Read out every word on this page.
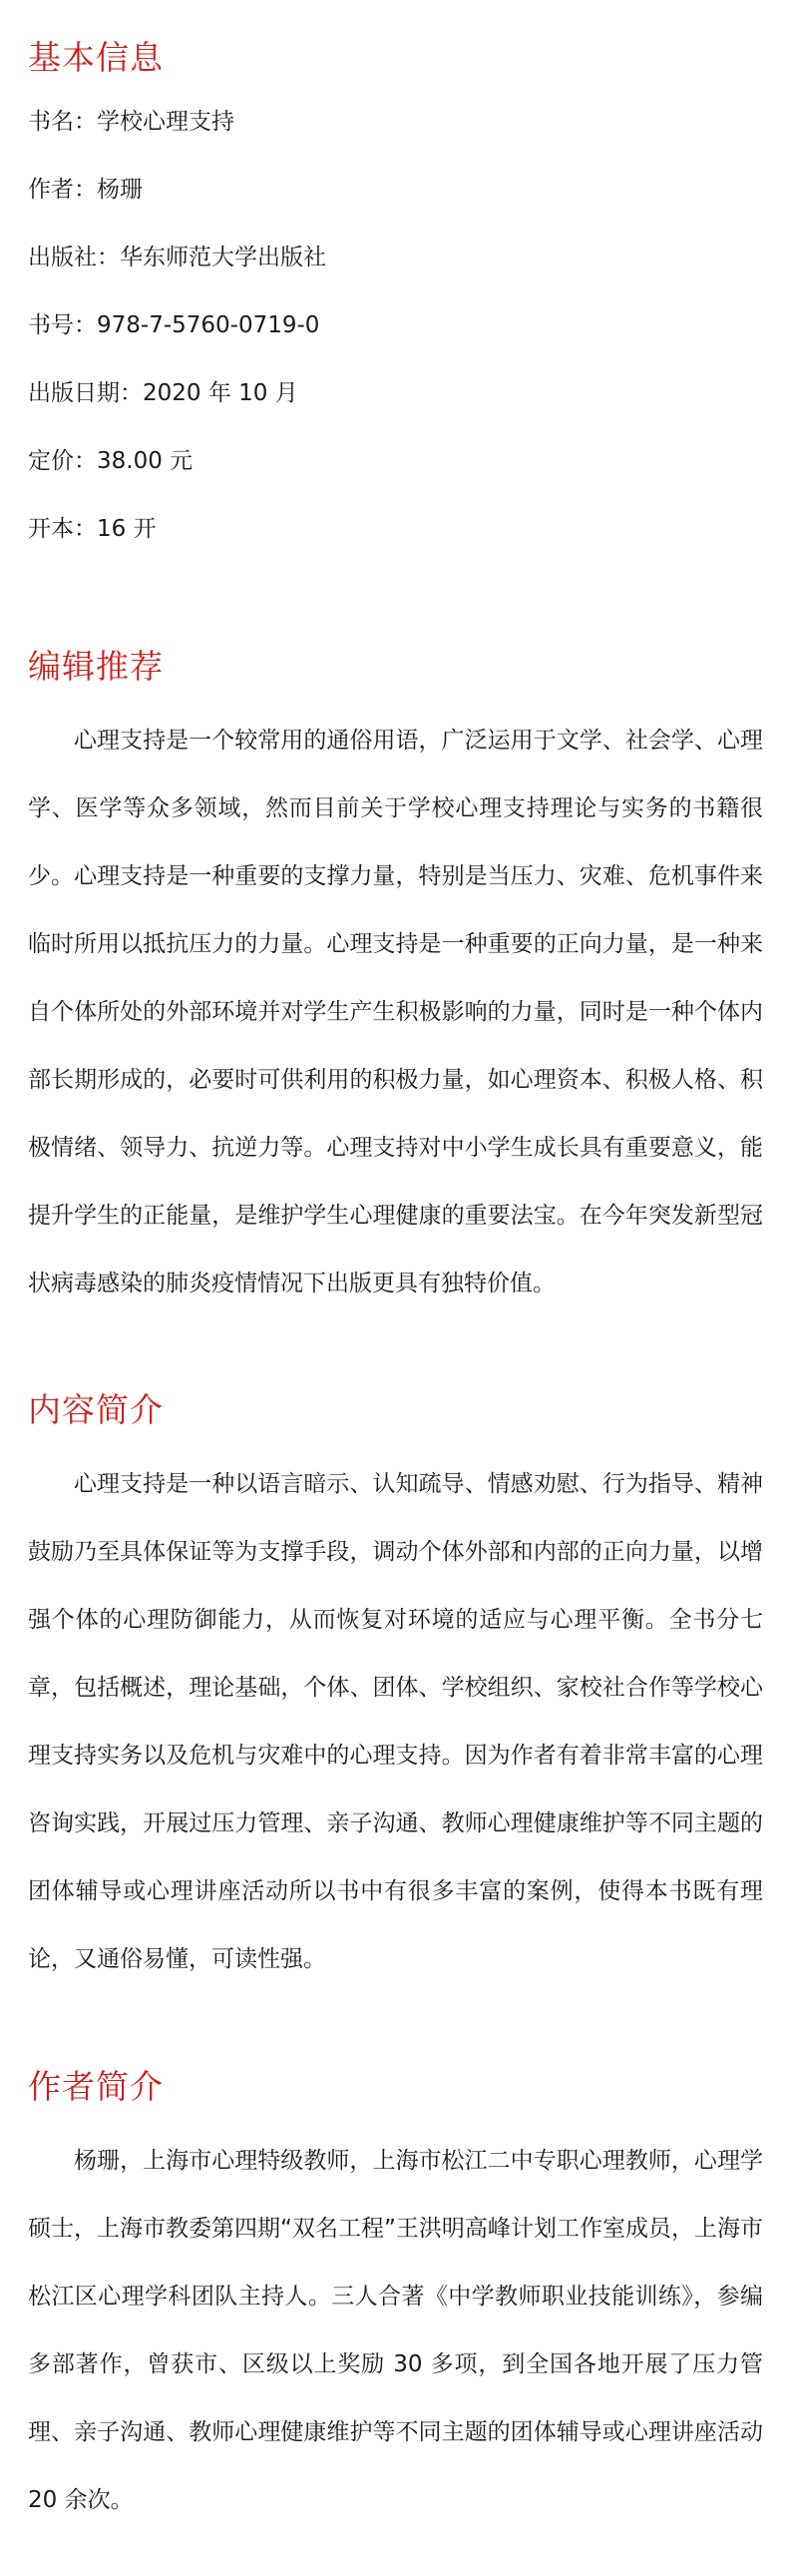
基本信息
书名：学校心理支持
作者：杨珊
出版社：华东师范大学出版社
书号：978-7-5760-0719-0
出版日期：2020 年 10 月
定价：38.00 元
开本：16 开
编辑推荐

心理支持是一个较常用的通俗用语，广泛运用于文学、社会学、心理学、医学等众多领域，然而目前关于学校心理支持理论与实务的书籍很少。心理支持是一种重要的支撑力量，特别是当压力、灾难、危机事件来临时所用以抵抗压力的力量。心理支持是一种重要的正向力量，是一种来自个体所处的外部环境并对学生产生积极影响的力量，同时是一种个体内部长期形成的，必要时可供利用的积极力量，如心理资本、积极人格、积极情绪、领导力、抗逆力等。心理支持对中小学生成长具有重要意义，能提升学生的正能量，是维护学生心理健康的重要法宝。在今年突发新型冠状病毒感染的肺炎疫情情况下出版更具有独特价值。

内容简介

心理支持是一种以语言暗示、认知疏导、情感劝慰、行为指导、精神鼓励乃至具体保证等为支撑手段，调动个体外部和内部的正向力量，以增强个体的心理防御能力，从而恢复对环境的适应与心理平衡。全书分七章，包括概述，理论基础，个体、团体、学校组织、家校社合作等学校心理支持实务以及危机与灾难中的心理支持。因为作者有着非常丰富的心理咨询实践，开展过压力管理、亲子沟通、教师心理健康维护等不同主题的团体辅导或心理讲座活动所以书中有很多丰富的案例，使得本书既有理论，又通俗易懂，可读性强。

作者简介

杨珊，上海市心理特级教师，上海市松江二中专职心理教师，心理学硕士，上海市教委第四期“双名工程”王洪明高峰计划工作室成员，上海市松江区心理学科团队主持人。三人合著《中学教师职业技能训练》，参编多部著作，曾获市、区级以上奖励 30 多项，到全国各地开展了压力管理、亲子沟通、教师心理健康维护等不同主题的团体辅导或心理讲座活动 20 余次。
